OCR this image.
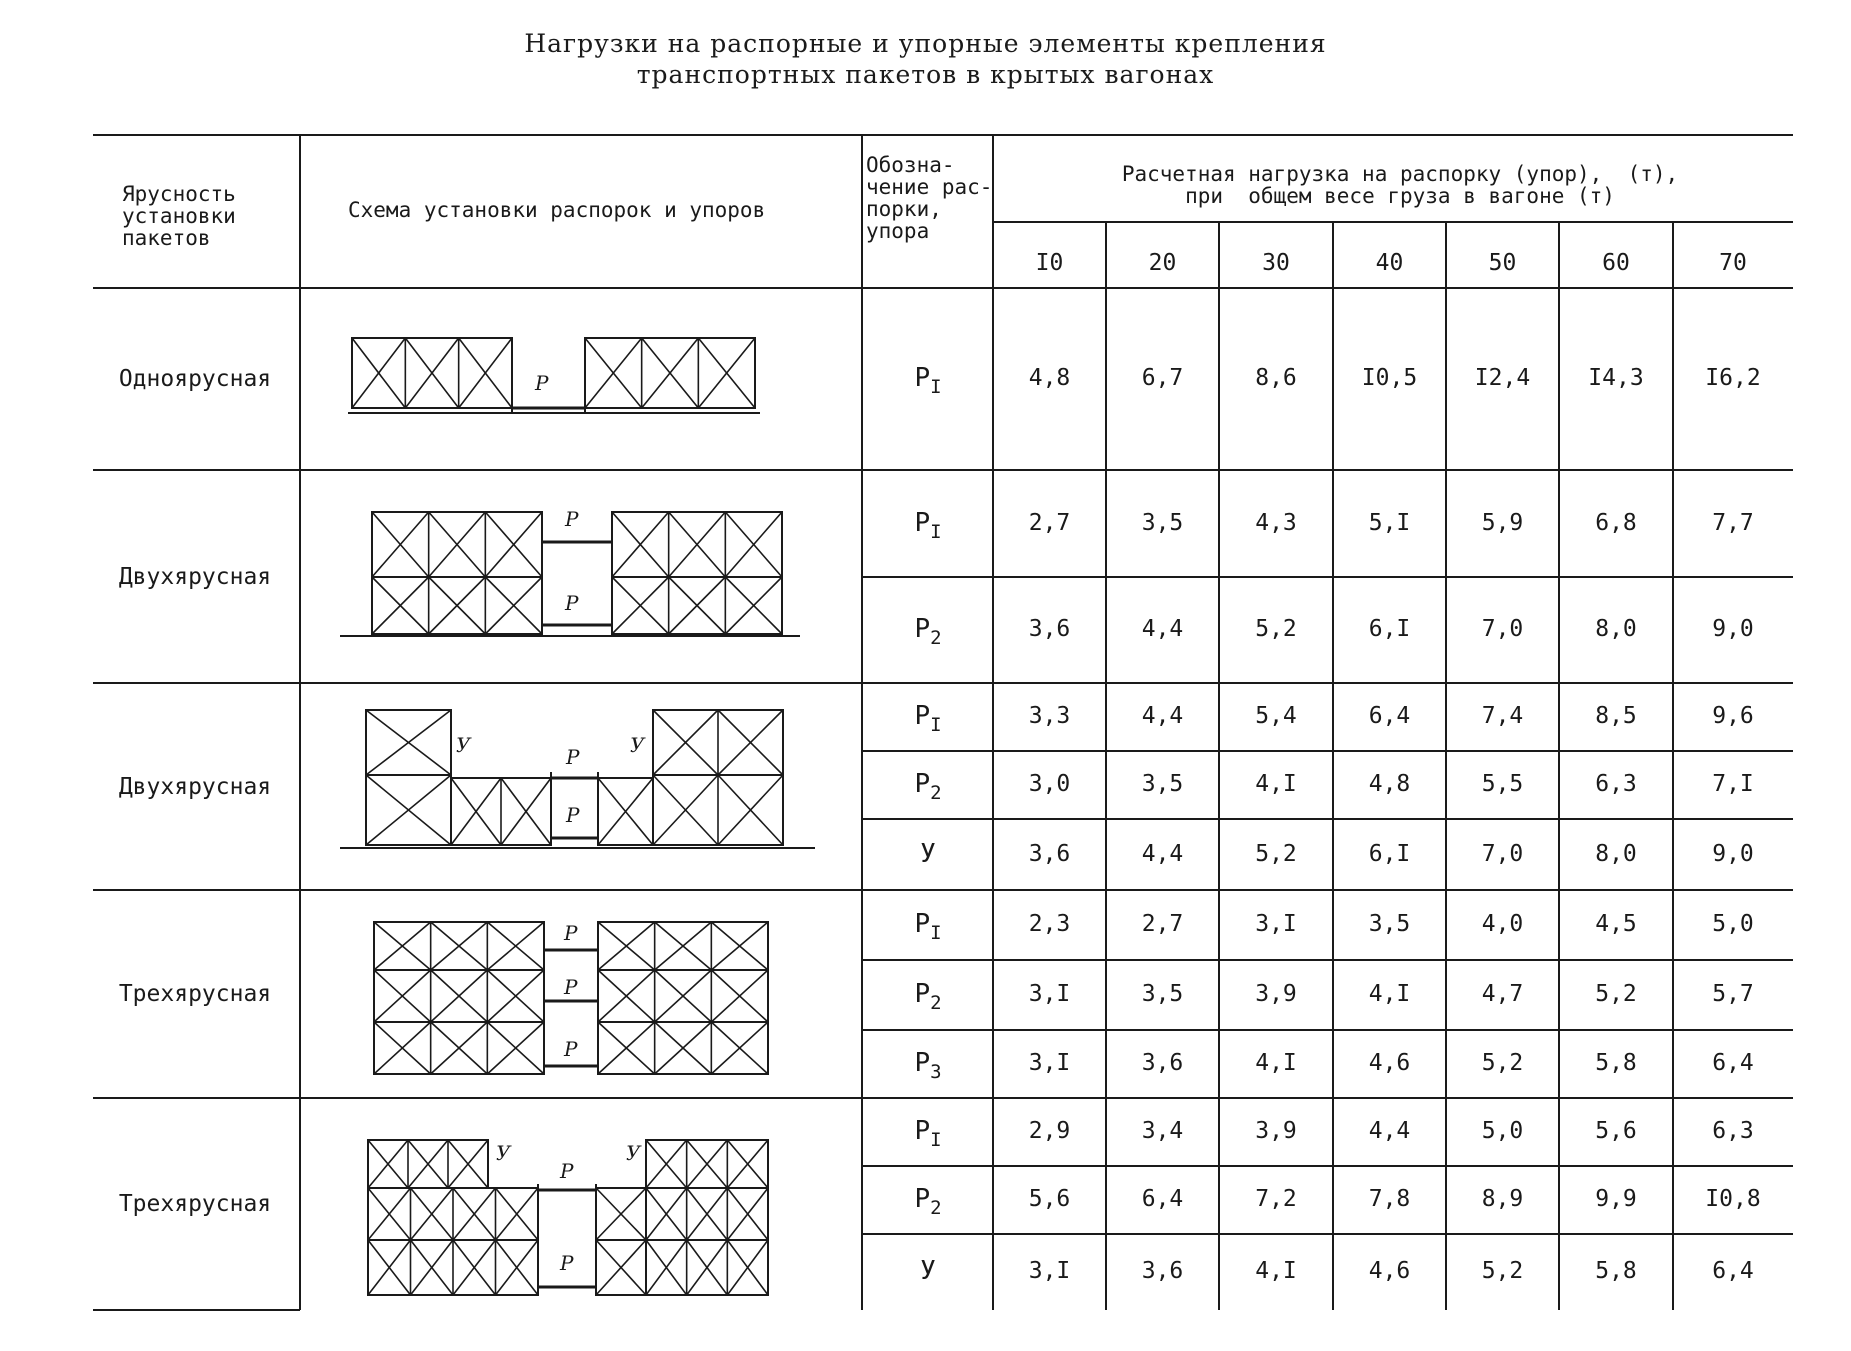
Нагрузки на распорные и упорные элементы крепления
транспортных пакетов в крытых вагонах
P
P
P
P
P
У	У
P
P
P
P
P
У	У
Ярусность
установки
пакетов
Схема установки распорок и упоров
Обозна-
чение рас-
порки,
упора
Расчетная нагрузка на распорку (упор),  (т),
при  общем весе груза в вагоне (т)
I0	20	30	40	50	60	70
Одноярусная	$P_I$	4,8	6,7	8,6	I0,5	I2,4	I4,3	I6,2
Двухярусная
$P_I$	2,7	3,5	4,3	5,I	5,9	6,8	7,7
$P_2$	3,6	4,4	5,2	6,I	7,0	8,0	9,0
Двухярусная
$P_I$	3,3	4,4	5,4	6,4	7,4	8,5	9,6
$P_2$	3,0	3,5	4,I	4,8	5,5	6,3	7,I
У	3,6	4,4	5,2	6,I	7,0	8,0	9,0
Трехярусная
$P_I$	2,3	2,7	3,I	3,5	4,0	4,5	5,0
$P_2$	3,I	3,5	3,9	4,I	4,7	5,2	5,7
$P_3$	3,I	3,6	4,I	4,6	5,2	5,8	6,4
Трехярусная
$P_I$	2,9	3,4	3,9	4,4	5,0	5,6	6,3
$P_2$	5,6	6,4	7,2	7,8	8,9	9,9	I0,8
У	3,I	3,6	4,I	4,6	5,2	5,8	6,4
